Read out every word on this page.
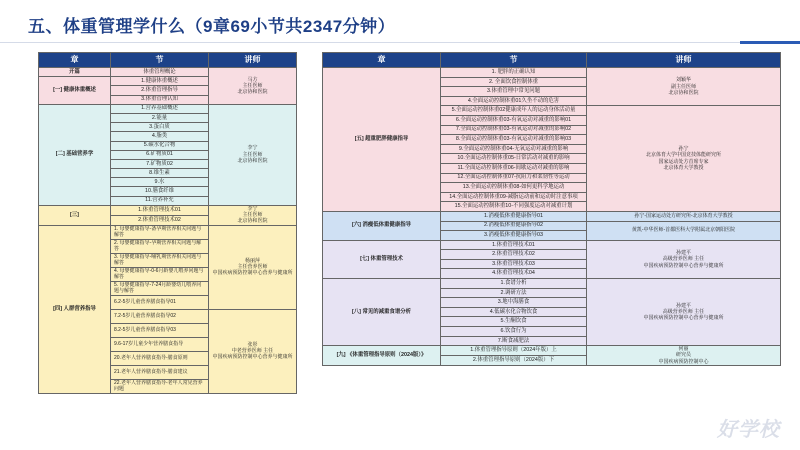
五、体重管理学什么（9章69小节共2347分钟）
章	节	讲师
开篇	体重管理概论	马方
主任医师
北京协和医院
[一] 健康体重概述	1.健康体重概述	
	2.体重管理指导	
	3.体重管理认知	
[二] 基础营养学	1.营养基础概述	李宁
主任医师
北京协和医院
	2.能量	
	3.蛋白质	
	4.脂类	
	5.碳水化合物	
	6.矿物质01	
	7.矿物质02	
	8.维生素	
	9.水	
	10.膳食纤维	
	11.营养补充	
[三]	1.体重管理技术01	李宁
主任医师
北京协和医院
	2.体重管理技术02	
[四] 人群营养指导	1. 母婴健康指导-备孕期营养相关问题与解答	杨丽萍
主任营养医师
中国疾病预防控制中心营养与健康所
	2. 母婴健康指导-孕期营养相关问题与解答	
	3. 母婴健康指导-哺乳期营养相关问题与解答	
	4. 母婴健康指导-0-6月龄婴儿喂养问题与解答	
	5. 母婴健康指导-7-24月龄婴幼儿喂养问题与解答	
	6.2-5岁儿童营养膳食指导01	
	7.2-5岁儿童营养膳食指导02	张彤
中老营养医师 主任
中国疾病预防控制中心营养与健康所
	8.2-5岁儿童营养膳食指导03	
	9.6-17岁儿童少年营养膳食指导	
	20.老年人营养膳食指导-膳食原则	
	21.老年人营养膳食指导-膳食建议	
	22.老年人营养膳食指导-老年人常见营养问题	
章	节	讲师
[五] 超重肥胖健康指导	1. 肥胖的正确认知	刘颖华
副主任医师
北京协和医院
	2. 全面饮食控制体重	
	3.体重管理中常见问题	
	4.全面运动控制体重01久坐不动的危害	
	5.全面运动控制体重02健康成年人的运动身体活动量	孙宁
北京体育大学中国竞技体能研究所
国家运动处方首席专家
北京体育大学教授
	6.全面运动控制体重03-有氧运动对减重的影响01	
	7.全面运动控制体重03-有氧运动对减重的影响02	
	8.全面运动控制体重03-有氧运动对减重的影响03	
	9.全面运动控制体重04-无氧运动对减重的影响	
	10.全面运动控制体重05-日常活动对减重的影响	
	11.全面运动控制体重06-间歇运动对减重的影响	
	12.全面运动控制体重07-抗阻力和柔韧性等运动	
	13.全面运动控制体重08-如何更科学地运动	
	14.全面运动控制体重09-减脂运动前和运动时注意事项	
	15.全面运动控制体重10-不同强度运动对减重计划	
[六] 消瘦低体重健康指导	1.消瘦低体重健康指导01	孙宁-国家运动处方研究所-北京体育大学教授
	2.消瘦低体重健康指导02	黄凯-中华医师-首都医科大学附属北京朝阳医院
	3.消瘦低体重健康指导03	
[七] 体重管理技术	1.体重管理技术01	孙建平
高级营养医师 主任
中国疾病预防控制中心营养与健康所
	2.体重管理技术02	
	3.体重管理技术03	
	4.体重管理技术04	
[八] 常见的减重食谱分析	1.食谱分析	孙建平
高级营养医师 主任
中国疾病预防控制中心营养与健康所
	2.调研方法	
	3.地中海膳食	
	4.低碳水化合物饮食	
	5.生酮饮食	
	6.饮食行为	
	7.断食减肥法	
[九] 《体重管理指导原则（2024版）》	1.体重管理指导原则（2024年版）上	何丽
研究员
中国疾病预防控制中心
	2.体重管理指导原则（2024版）下	
好学校
